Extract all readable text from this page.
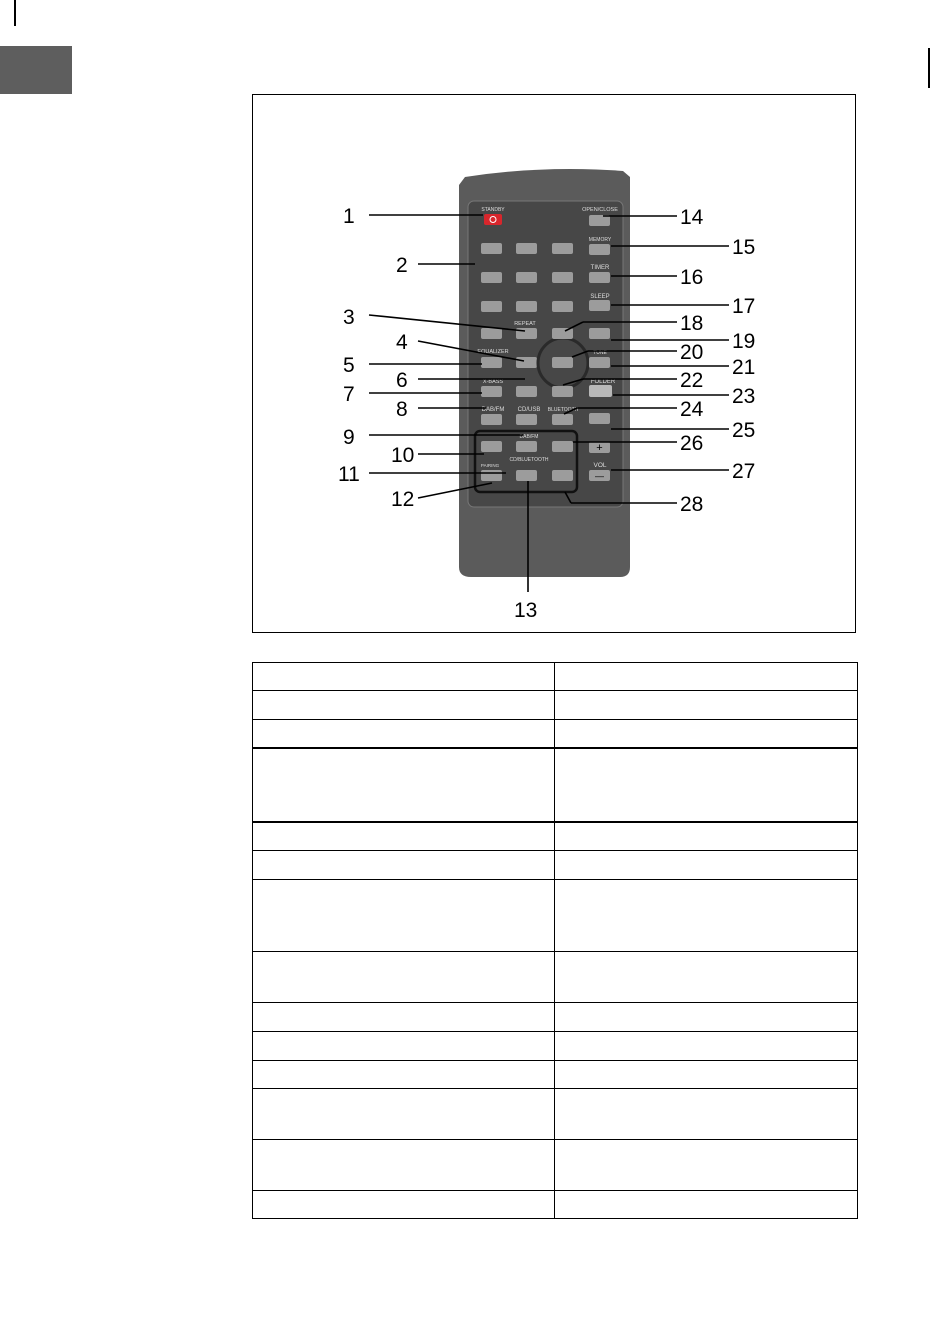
STANDBY
REPEAT
EQUALIZER
X-BASS
DAB/FM CD/USB BLUETOOTH
OPEN/CLOSE
MEMORY
TIMER
SLEEP
TUNE
FOLDER
+
VOL
—
DAB/FM
CD/BLUETOOTH
PAIRING
1
2
3
4
5
6
7
8
9
10
11
12
13
14
15
16
17
18
19
20
21
22
23
24
25
26
27
28
